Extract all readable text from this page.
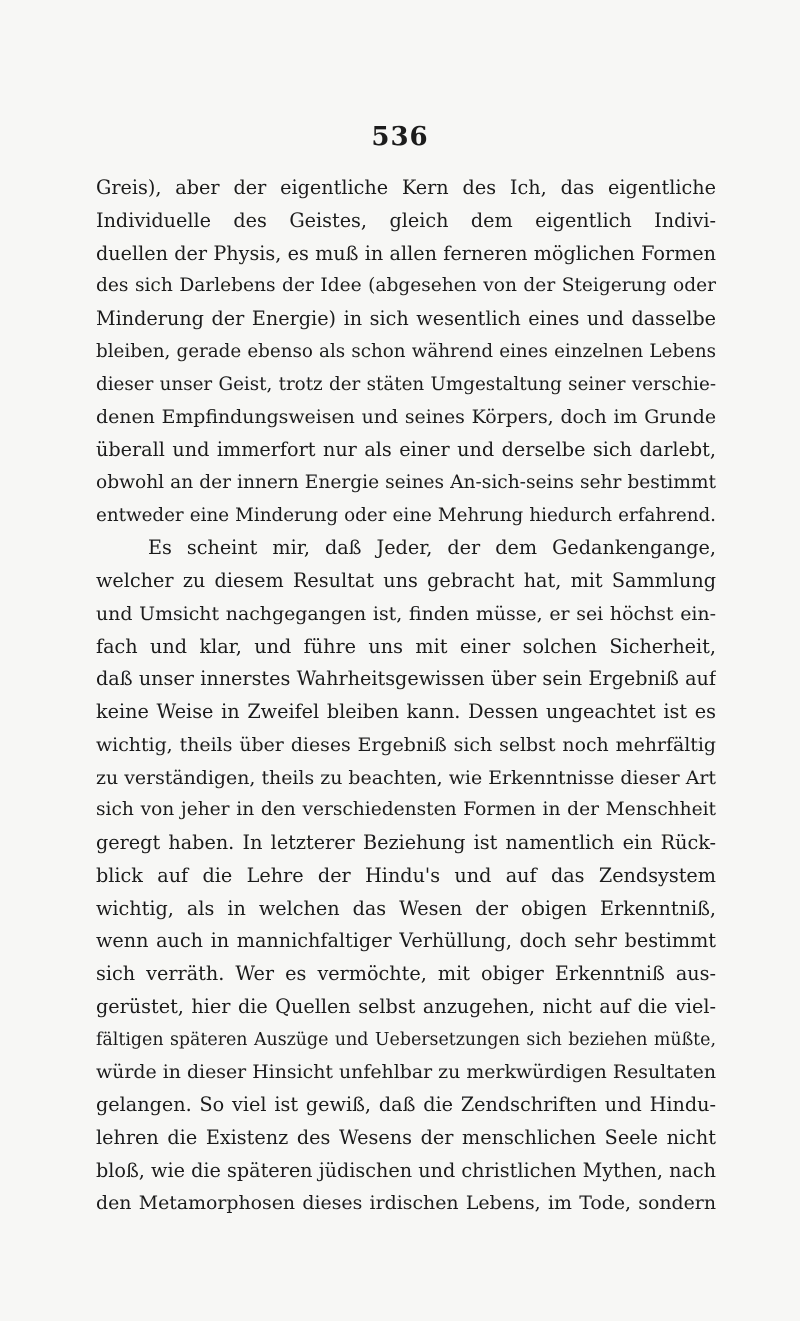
536
Greis), aber der eigentliche Kern des Ich, das eigentliche
Individuelle des Geistes, gleich dem eigentlich Indivi-
duellen der Physis, es muß in allen ferneren möglichen Formen
des sich Darlebens der Idee (abgesehen von der Steigerung oder
Minderung der Energie) in sich wesentlich eines und dasselbe
bleiben, gerade ebenso als schon während eines einzelnen Lebens
dieser unser Geist, trotz der stäten Umgestaltung seiner verschie-
denen Empfindungsweisen und seines Körpers, doch im Grunde
überall und immerfort nur als einer und derselbe sich darlebt,
obwohl an der innern Energie seines An-sich-seins sehr bestimmt
entweder eine Minderung oder eine Mehrung hiedurch erfahrend.
Es scheint mir, daß Jeder, der dem Gedankengange,
welcher zu diesem Resultat uns gebracht hat, mit Sammlung
und Umsicht nachgegangen ist, finden müsse, er sei höchst ein-
fach und klar, und führe uns mit einer solchen Sicherheit,
daß unser innerstes Wahrheitsgewissen über sein Ergebniß auf
keine Weise in Zweifel bleiben kann. Dessen ungeachtet ist es
wichtig, theils über dieses Ergebniß sich selbst noch mehrfältig
zu verständigen, theils zu beachten, wie Erkenntnisse dieser Art
sich von jeher in den verschiedensten Formen in der Menschheit
geregt haben. In letzterer Beziehung ist namentlich ein Rück-
blick auf die Lehre der Hindu's und auf das Zendsystem
wichtig, als in welchen das Wesen der obigen Erkenntniß,
wenn auch in mannichfaltiger Verhüllung, doch sehr bestimmt
sich verräth. Wer es vermöchte, mit obiger Erkenntniß aus-
gerüstet, hier die Quellen selbst anzugehen, nicht auf die viel-
fältigen späteren Auszüge und Uebersetzungen sich beziehen müßte,
würde in dieser Hinsicht unfehlbar zu merkwürdigen Resultaten
gelangen. So viel ist gewiß, daß die Zendschriften und Hindu-
lehren die Existenz des Wesens der menschlichen Seele nicht
bloß, wie die späteren jüdischen und christlichen Mythen, nach
den Metamorphosen dieses irdischen Lebens, im Tode, sondern
